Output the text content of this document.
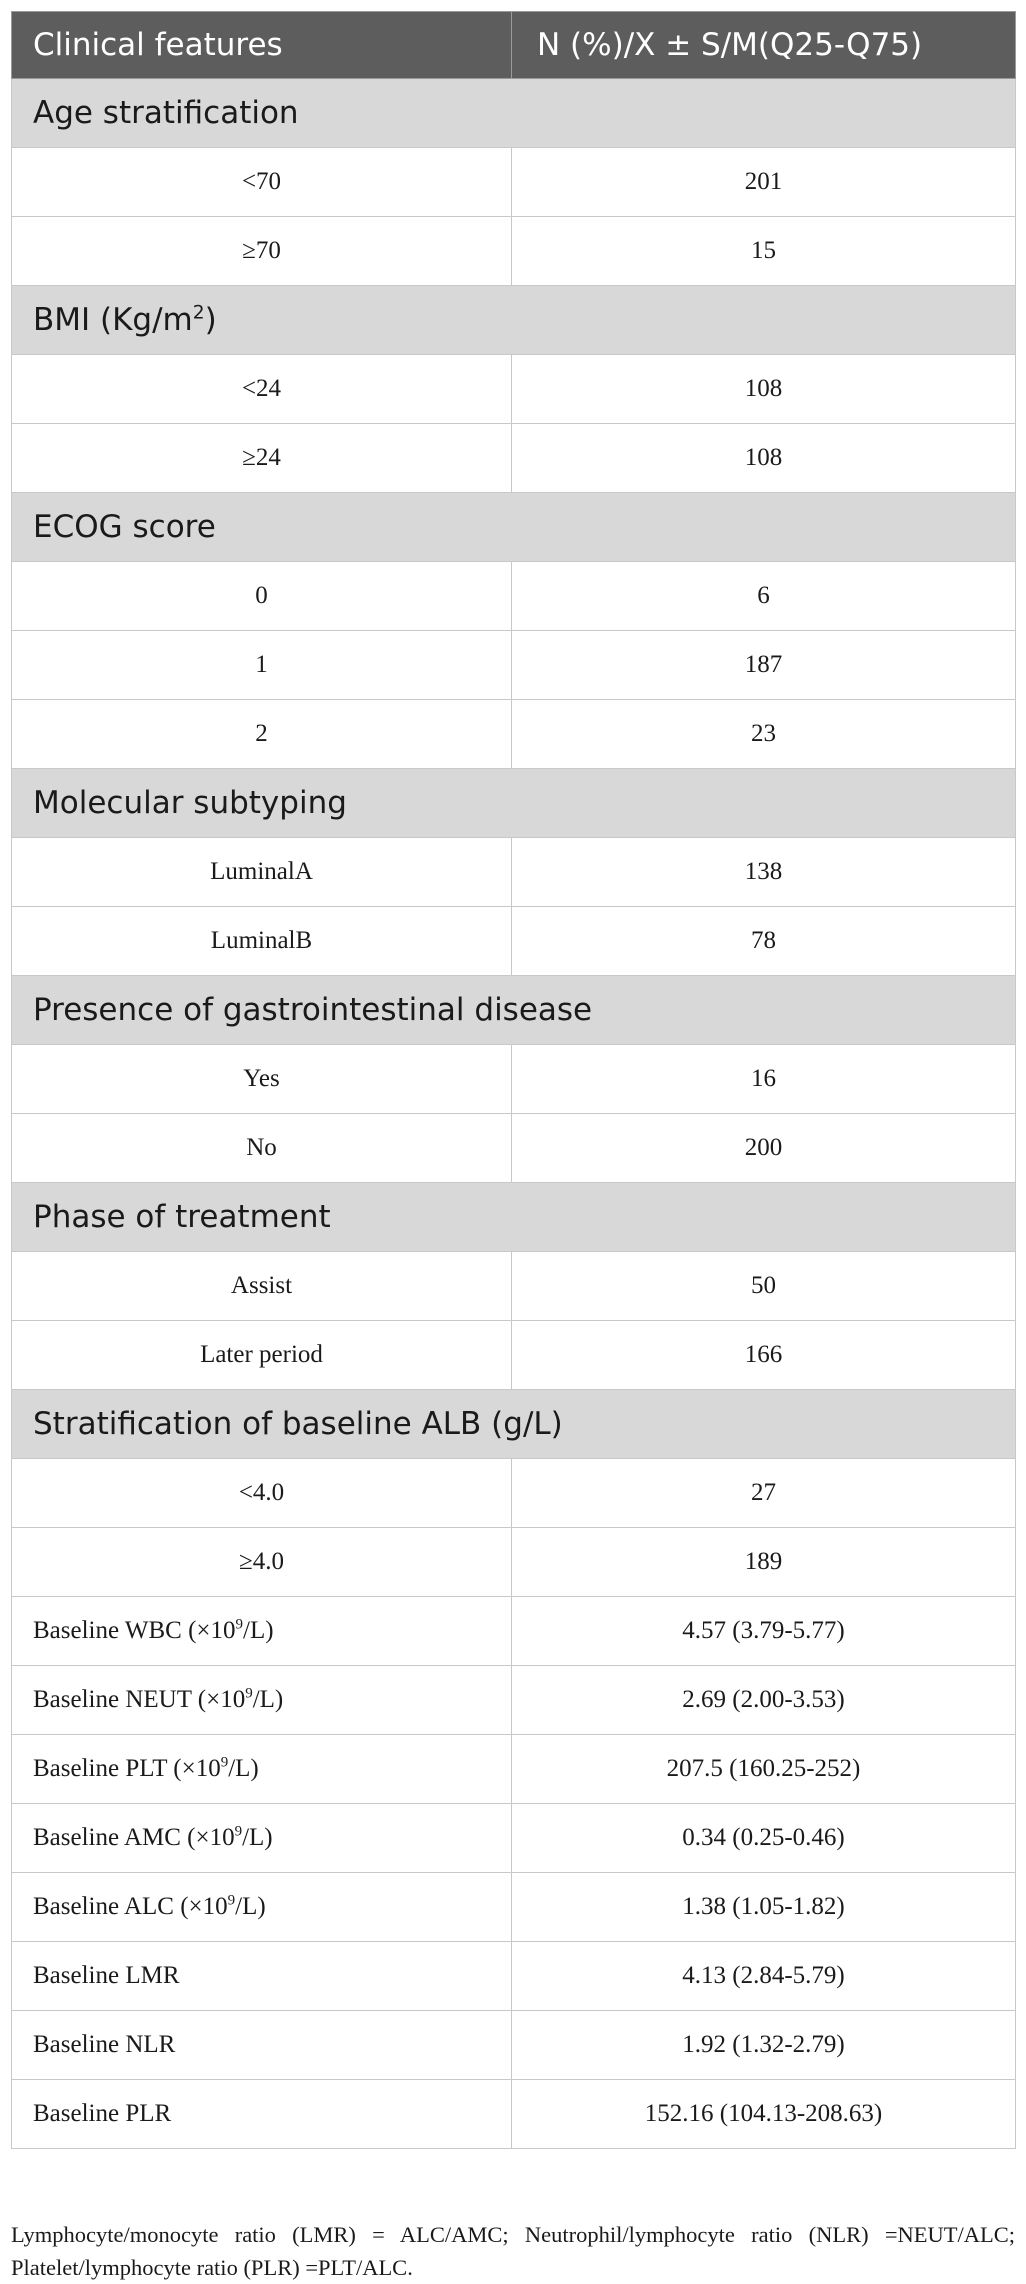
Clinical features	N (%)/X ± S/M(Q25-Q75)
Age stratification	
<70	201
≥70	15
BMI $(Kg/m^2)$	
<24	108
≥24	108
ECOG score	
0	6
1	187
2	23
Molecular subtyping	
LuminalA	138
LuminalB	78
Presence of gastrointestinal disease	
Yes	16
No	200
Phase of treatment	
Assist	50
Later period	166
Stratification of baseline ALB (g/L)	
<4.0	27
≥4.0	189
Baseline WBC $(\times 10^9/L)$	4.57 (3.79-5.77)
Baseline NEUT $(\times 10^9/L)$	2.69 (2.00-3.53)
Baseline PLT $(\times 10^9/L)$	207.5 (160.25-252)
Baseline AMC $(\times 10^9/L)$	0.34 (0.25-0.46)
Baseline ALC $(\times 10^9/L)$	1.38 (1.05-1.82)
Baseline LMR	4.13 (2.84-5.79)
Baseline NLR	1.92 (1.32-2.79)
Baseline PLR	152.16 (104.13-208.63)
Lymphocyte/monocyte ratio (LMR) = ALC/AMC; Neutrophil/lymphocyte ratio (NLR) =NEUT/ALC; Platelet/lymphocyte ratio (PLR) =PLT/ALC.
